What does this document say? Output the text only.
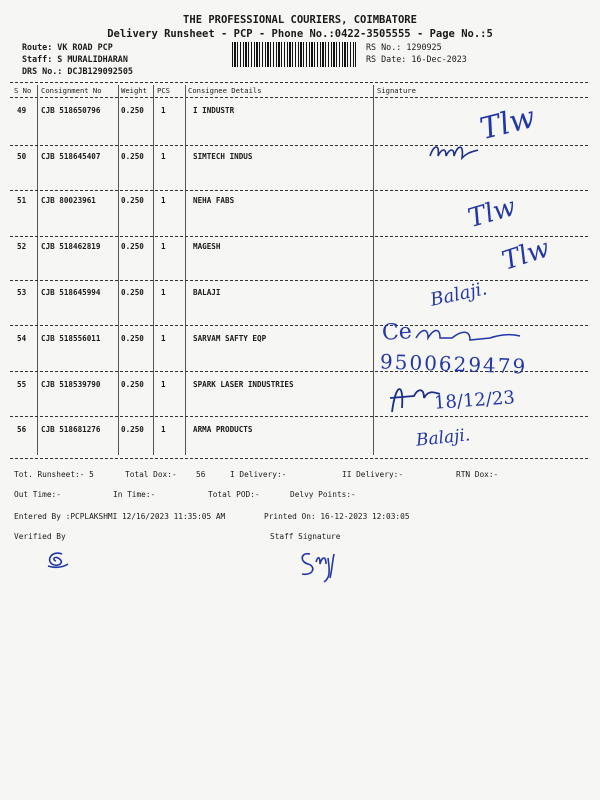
THE PROFESSIONAL COURIERS, COIMBATORE
Delivery Runsheet - PCP - Phone No.:0422-3505555 - Page No.:5
Route: VK ROAD PCP
Staff: S MURALIDHARAN
DRS No.: DCJB129092505
RS No.: 1290925
RS Date: 16-Dec-2023
S No Consignment No	Weight PCS	Consignee Details	Signature
49 CJB 518650796	0.250 1	I INDUSTR
50 CJB 518645407	0.250 1	SIMTECH INDUS
51 CJB 80023961	0.250 1	NEHA FABS
52 CJB 518462819	0.250 1	MAGESH
53 CJB 518645994	0.250 1	BALAJI
54 CJB 518556011	0.250 1	SARVAM SAFTY EQP
55 CJB 518539790	0.250 1	SPARK LASER INDUSTRIES
56 CJB 518681276	0.250 1	ARMA PRODUCTS
Tot. Runsheet:- 5	Total Dox:- 56	I Delivery:-	II Delivery:-	RTN Dox:-
Out Time:-	In Time:-	Total POD:-	Delvy Points:-
Entered By :PCPLAKSHMI 12/16/2023 11:35:05 AM	Printed On: 16-12-2023 12:03:05
Verified By	Staff Signature
Tlw
Tlw
Tlw
Balaji.
Ce
9500629479
18/12/23
Balaji.
